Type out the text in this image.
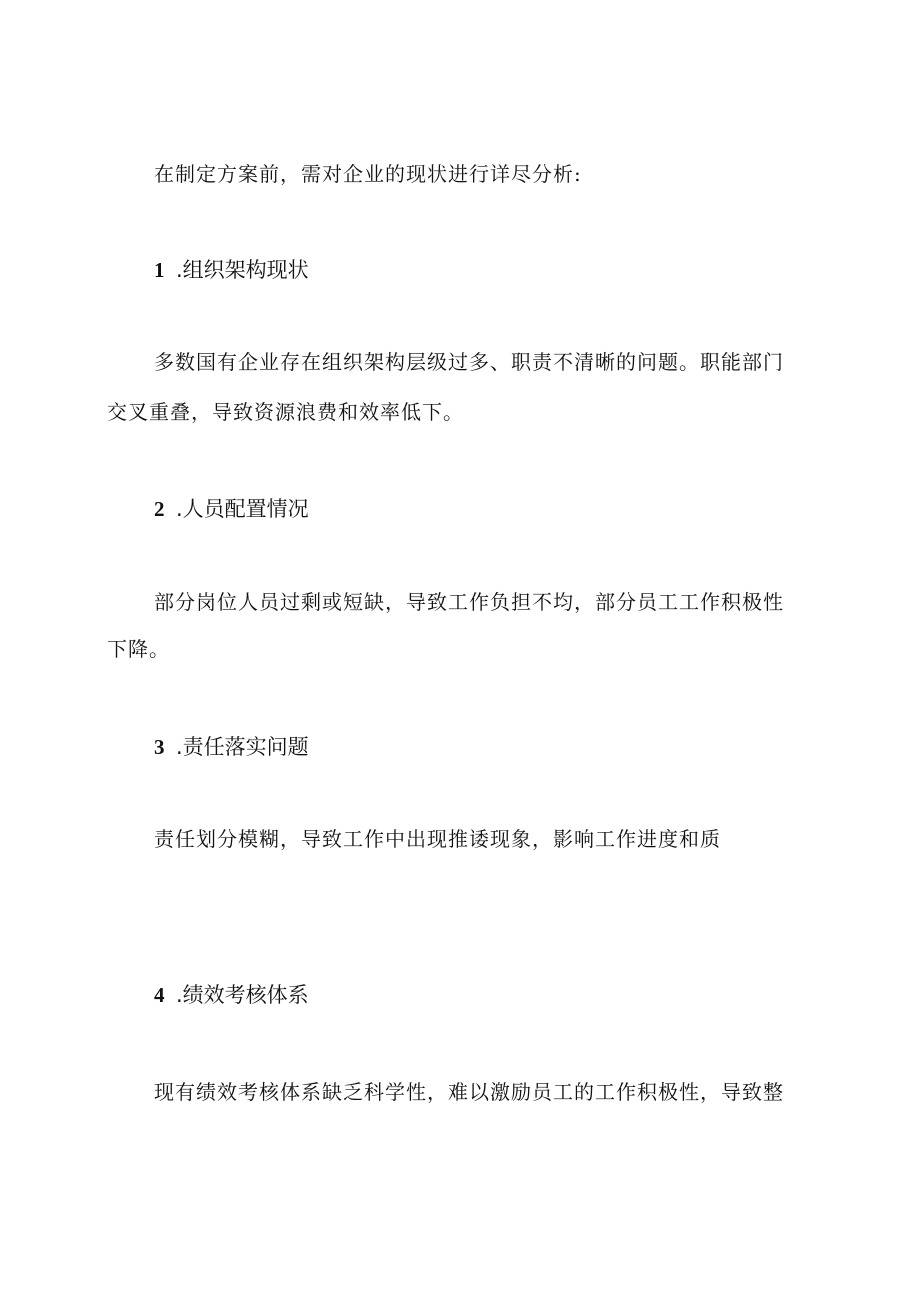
在制定方案前，需对企业的现状进行详尽分析:
1 .组织架构现状
多数国有企业存在组织架构层级过多、职责不清晰的问题。职能部门
交叉重叠，导致资源浪费和效率低下。
2 .人员配置情况
部分岗位人员过剩或短缺，导致工作负担不均，部分员工工作积极性
下降。
3 .责任落实问题
责任划分模糊，导致工作中出现推诿现象，影响工作进度和质
4 .绩效考核体系
现有绩效考核体系缺乏科学性，难以激励员工的工作积极性，导致整
